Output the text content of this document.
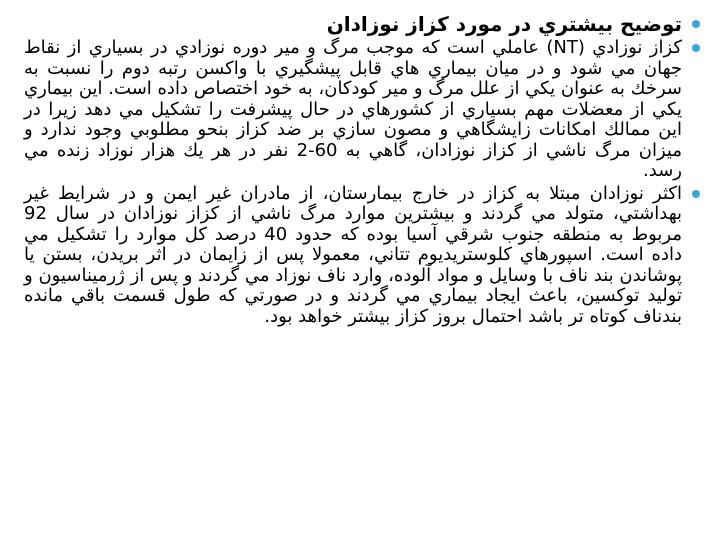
توضيح بيشتري در مورد كزاز نوزادان
كزاز نوزادي (NT) عاملي است كه موجب مرگ و مير دوره نوزادي در بسياري از نقاط جهان مي شود و در ميان بيماري هاي قابل پيشگيري با واكسن رتبه دوم را نسبت به سرخك به عنوان يكي از علل مرگ و مير كودكان، به خود اختصاص داده است. اين بيماري يكي از معضلات مهم بسياري از كشورهاي در حال پيشرفت را تشكيل مي دهد زيرا در اين ممالك امكانات زايشگاهي و مصون سازي بر ضد كزاز بنحو مطلوبي وجود ندارد و ميزان مرگ ناشي از كزاز نوزادان، گاهي به 60-2 نفر در هر يك هزار نوزاد زنده مي رسد.
اكثر نوزادان مبتلا به كزاز در خارج بيمارستان، از مادران غير ايمن و در شرايط غير بهداشتي، متولد مي گردند و بيشترين موارد مرگ ناشي از كزاز نوزادان در سال 92 مربوط به منطقه جنوب شرقي آسيا بوده كه حدود 40 درصد كل موارد را تشكيل مي داده است. اسپورهاي كلوستريديوم تتاني، معمولا پس از زايمان در اثر بريدن، بستن يا پوشاندن بند ناف با وسايل و مواد آلوده، وارد ناف نوزاد مي گردند و پس از ژرميناسيون و توليد توكسين، باعث ايجاد بيماري مي گردند و در صورتي كه طول قسمت باقي مانده بندناف كوتاه تر باشد احتمال بروز كزاز بيشتر خواهد بود.
